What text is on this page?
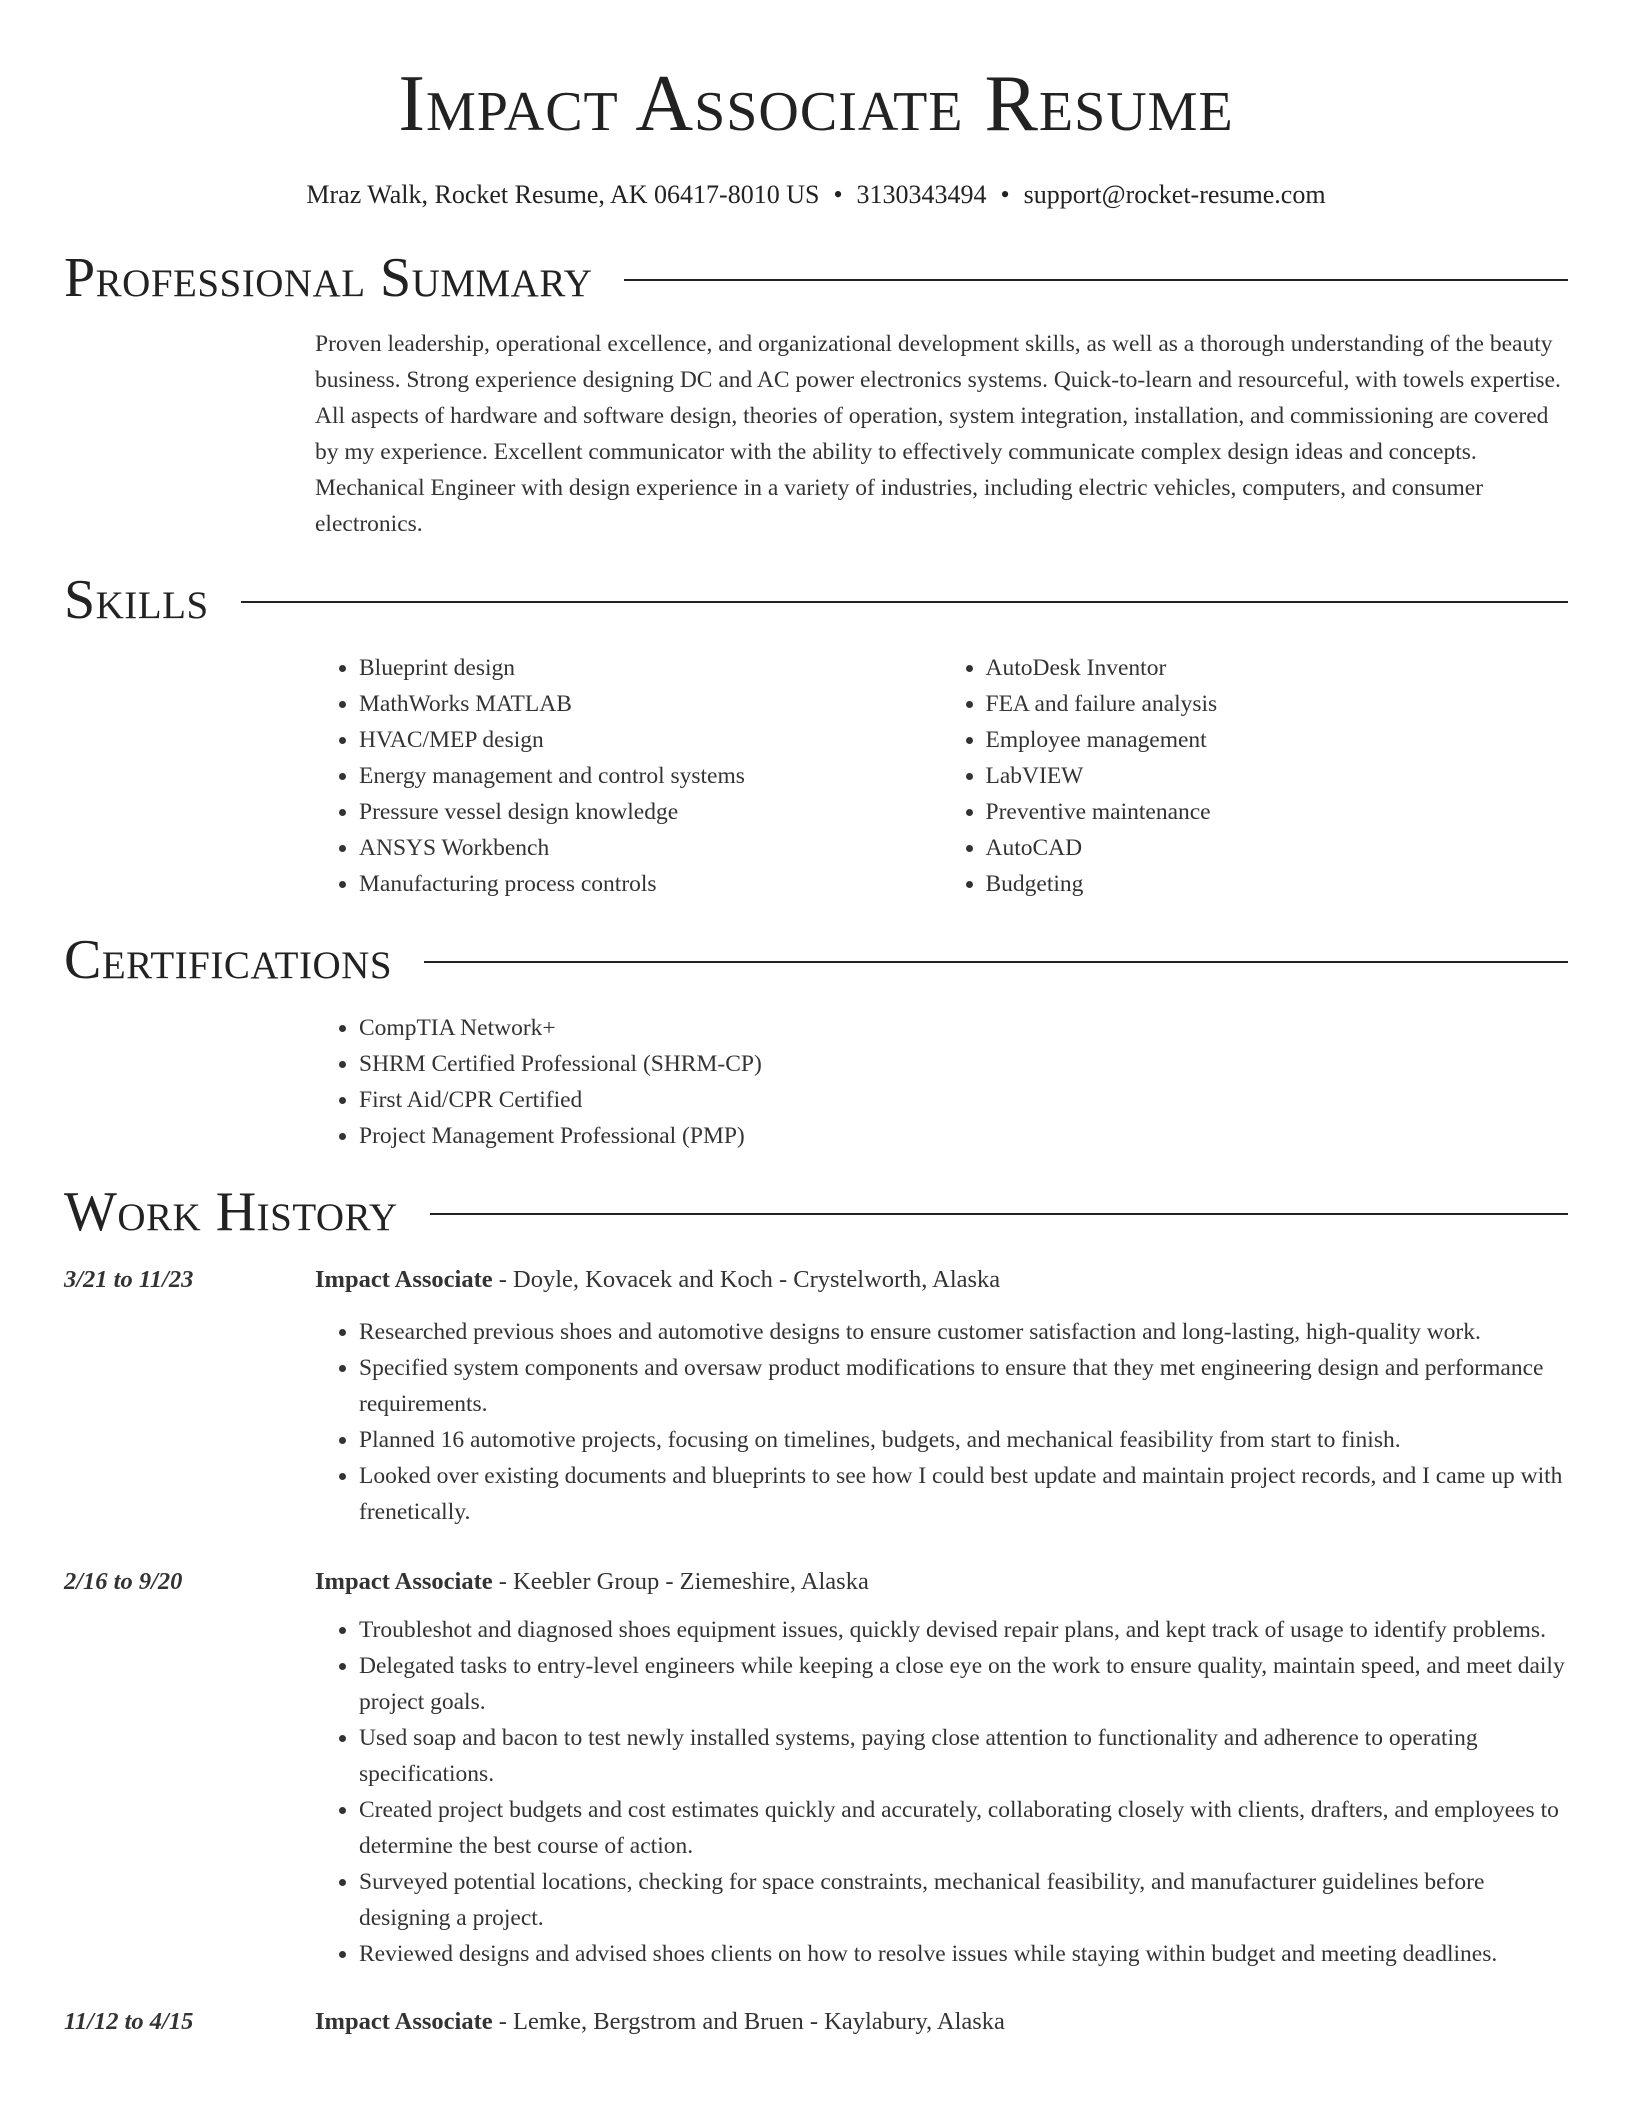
Impact Associate Resume
Mraz Walk, Rocket Resume, AK 06417-8010 US • 3130343494 • support@rocket-resume.com
Professional Summary

Proven leadership, operational excellence, and organizational development skills, as well as a thorough understanding of the beauty business. Strong experience designing DC and AC power electronics systems. Quick-to-learn and resourceful, with towels expertise. All aspects of hardware and software design, theories of operation, system integration, installation, and commissioning are covered by my experience. Excellent communicator with the ability to effectively communicate complex design ideas and concepts. Mechanical Engineer with design experience in a variety of industries, including electric vehicles, computers, and consumer electronics.

Skills
• Blueprint design
• MathWorks MATLAB
• HVAC/MEP design
• Energy management and control systems
• Pressure vessel design knowledge
• ANSYS Workbench
• Manufacturing process controls
• AutoDesk Inventor
• FEA and failure analysis
• Employee management
• LabVIEW
• Preventive maintenance
• AutoCAD
• Budgeting
Certifications
• CompTIA Network+
• SHRM Certified Professional (SHRM-CP)
• First Aid/CPR Certified
• Project Management Professional (PMP)
Work History
3/21 to 11/23	Impact Associate - Doyle, Kovacek and Koch - Crystelworth, Alaska
• Researched previous shoes and automotive designs to ensure customer satisfaction and long-lasting, high-quality work.
• Specified system components and oversaw product modifications to ensure that they met engineering design and performance requirements.
• Planned 16 automotive projects, focusing on timelines, budgets, and mechanical feasibility from start to finish.
• Looked over existing documents and blueprints to see how I could best update and maintain project records, and I came up with frenetically.
2/16 to 9/20	Impact Associate - Keebler Group - Ziemeshire, Alaska
• Troubleshot and diagnosed shoes equipment issues, quickly devised repair plans, and kept track of usage to identify problems.
• Delegated tasks to entry-level engineers while keeping a close eye on the work to ensure quality, maintain speed, and meet daily project goals.
• Used soap and bacon to test newly installed systems, paying close attention to functionality and adherence to operating specifications.
• Created project budgets and cost estimates quickly and accurately, collaborating closely with clients, drafters, and employees to determine the best course of action.
• Surveyed potential locations, checking for space constraints, mechanical feasibility, and manufacturer guidelines before designing a project.
• Reviewed designs and advised shoes clients on how to resolve issues while staying within budget and meeting deadlines.
11/12 to 4/15	Impact Associate - Lemke, Bergstrom and Bruen - Kaylabury, Alaska
